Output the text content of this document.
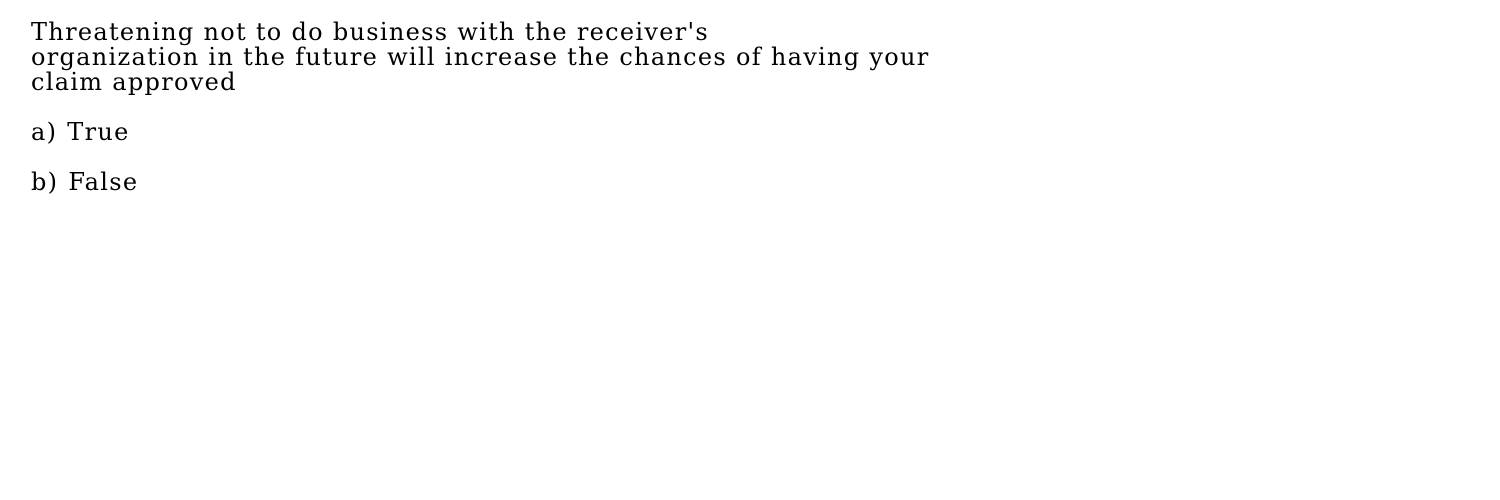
Threatening not to do business with the receiver's
organization in the future will increase the chances of having your
claim approved
a) True
b) False
